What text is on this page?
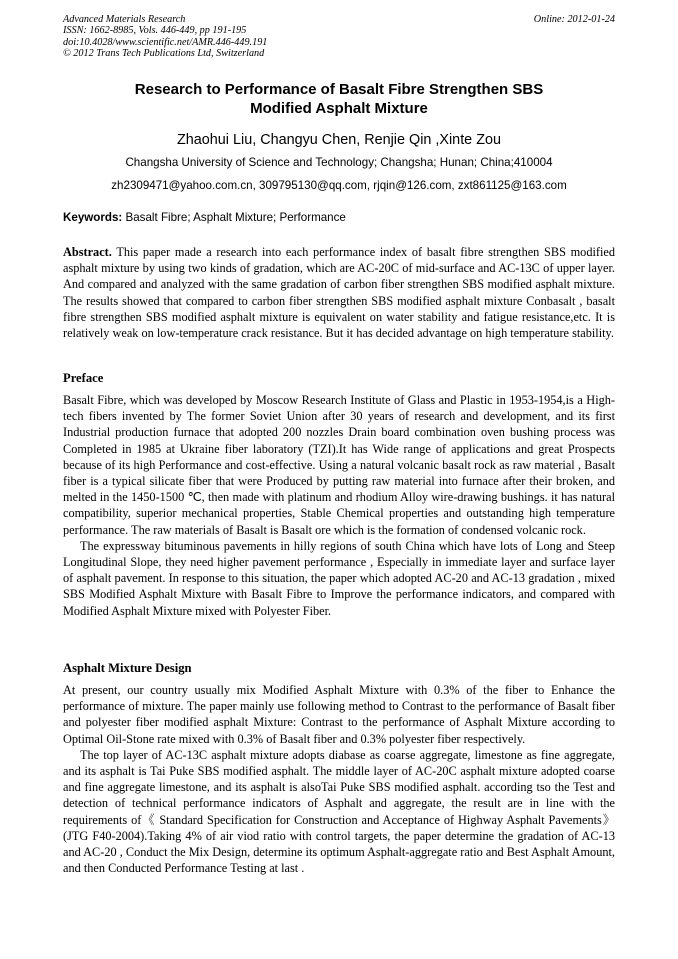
Advanced Materials Research
ISSN: 1662-8985, Vols. 446-449, pp 191-195
doi:10.4028/www.scientific.net/AMR.446-449.191
© 2012 Trans Tech Publications Ltd, Switzerland
Online: 2012-01-24
Research to Performance of Basalt Fibre Strengthen SBS
Modified Asphalt Mixture
Zhaohui Liu, Changyu Chen, Renjie Qin ,Xinte Zou
Changsha University of Science and Technology; Changsha; Hunan; China;410004
zh2309471@yahoo.com.cn, 309795130@qq.com, rjqin@126.com, zxt861125@163.com
Keywords: Basalt Fibre; Asphalt Mixture; Performance
Abstract. This paper made a research into each performance index of basalt fibre strengthen SBS modified asphalt mixture by using two kinds of gradation, which are AC-20C of mid-surface and AC-13C of upper layer. And compared and analyzed with the same gradation of carbon fiber strengthen SBS modified asphalt mixture. The results showed that compared to carbon fiber strengthen SBS modified asphalt mixture Conbasalt , basalt fibre strengthen SBS modified asphalt mixture is equivalent on water stability and fatigue resistance,etc. It is relatively weak on low-temperature crack resistance. But it has decided advantage on high temperature stability.
Preface

Basalt Fibre, which was developed by Moscow Research Institute of Glass and Plastic in 1953-1954,is a High-tech fibers invented by The former Soviet Union after 30 years of research and development, and its first Industrial production furnace that adopted 200 nozzles Drain board combination oven bushing process was Completed in 1985 at Ukraine fiber laboratory (TZI).It has Wide range of applications and great Prospects because of its high Performance and cost-effective. Using a natural volcanic basalt rock as raw material , Basalt fiber is a typical silicate fiber that were Produced by putting raw material into furnace after their broken, and melted in the 1450-1500 ℃, then made with platinum and rhodium Alloy wire-drawing bushings. it has natural compatibility, superior mechanical properties, Stable Chemical properties and outstanding high temperature performance. The raw materials of Basalt is Basalt ore which is the formation of condensed volcanic rock.

The expressway bituminous pavements in hilly regions of south China which have lots of Long and Steep Longitudinal Slope, they need higher pavement performance , Especially in immediate layer and surface layer of asphalt pavement. In response to this situation, the paper which adopted AC-20 and AC-13 gradation , mixed SBS Modified Asphalt Mixture with Basalt Fibre to Improve the performance indicators, and compared with Modified Asphalt Mixture mixed with Polyester Fiber.

Asphalt Mixture Design

At present, our country usually mix Modified Asphalt Mixture with 0.3% of the fiber to Enhance the performance of mixture. The paper mainly use following method to Contrast to the performance of Basalt fiber and polyester fiber modified asphalt Mixture: Contrast to the performance of Asphalt Mixture according to Optimal Oil-Stone rate mixed with 0.3% of Basalt fiber and 0.3% polyester fiber respectively.

The top layer of AC-13C asphalt mixture adopts diabase as coarse aggregate, limestone as fine aggregate, and its asphalt is Tai Puke SBS modified asphalt. The middle layer of AC-20C asphalt mixture adopted coarse and fine aggregate limestone, and its asphalt is alsoTai Puke SBS modified asphalt. according tso the Test and detection of technical performance indicators of Asphalt and aggregate, the result are in line with the requirements of《 Standard Specification for Construction and Acceptance of Highway Asphalt Pavements》(JTG F40-2004).Taking 4% of air viod ratio with control targets, the paper determine the gradation of AC-13 and AC-20 , Conduct the Mix Design, determine its optimum Asphalt-aggregate ratio and Best Asphalt Amount, and then Conducted Performance Testing at last .
